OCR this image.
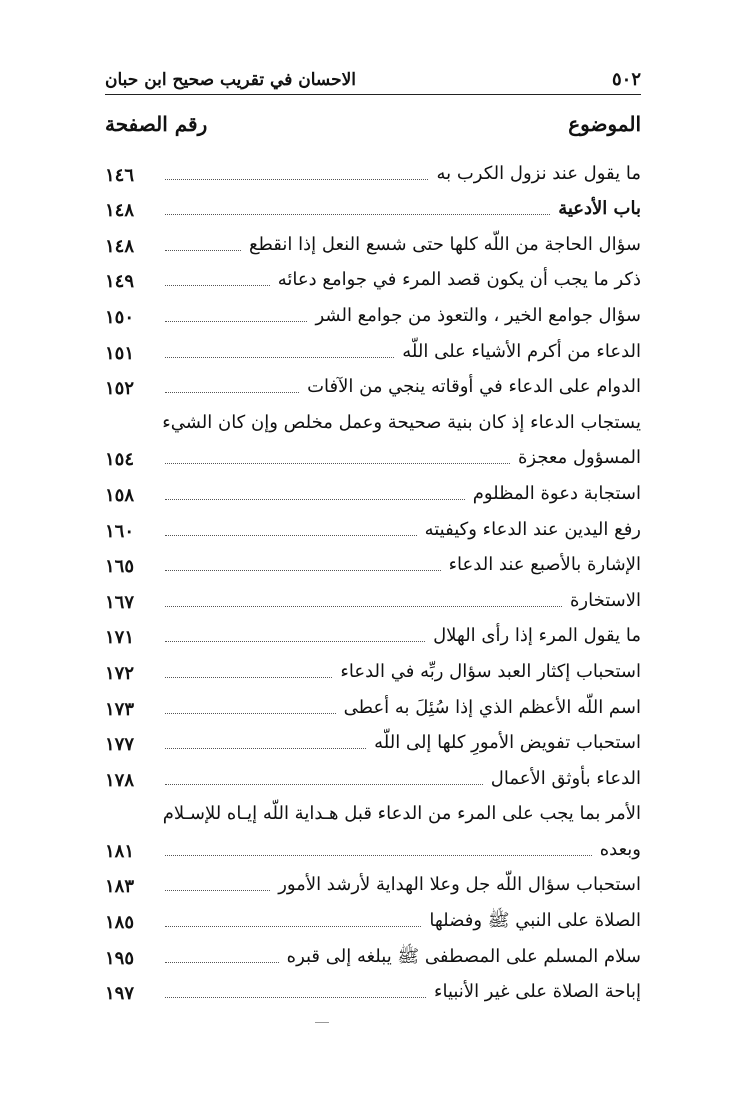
الاحسان في تقريب صحيح ابن حبان	٥٠٢
رقم الصفحة	الموضوع
ما يقول عند نزول الكرب به
١٤٦
باب الأدعية
١٤٨
سؤال الحاجة من اللّه كلها حتى شسع النعل إذا انقطع
١٤٨
ذكر ما يجب أن يكون قصد المرء في جوامع دعائه
١٤٩
سؤال جوامع الخير ، والتعوذ من جوامع الشر
١٥٠
الدعاء من أكرم الأشياء على اللّه
١٥١
الدوام على الدعاء في أوقاته ينجي من الآفات
١٥٢
يستجاب الدعاء إذ كان بنية صحيحة وعمل مخلص وإن كان الشيء
المسؤول معجزة
١٥٤
استجابة دعوة المظلوم
١٥٨
رفع اليدين عند الدعاء وكيفيته
١٦٠
الإشارة بالأصبع عند الدعاء
١٦٥
الاستخارة
١٦٧
ما يقول المرء إذا رأى الهلال
١٧١
استحباب إكثار العبد سؤال ربِّه في الدعاء
١٧٢
اسم اللّه الأعظم الذي إذا سُئِلَ به أعطى
١٧٣
استحباب تفويض الأمورِ كلها إلى اللّه
١٧٧
الدعاء بأوثق الأعمال
١٧٨
الأمر بما يجب على المرء من الدعاء قبل هـداية اللّه إيـاه للإسـلام
وبعده
١٨١
استحباب سؤال اللّه جل وعلا الهداية لأرشد الأمور
١٨٣
الصلاة على النبي ﷺ وفضلها
١٨٥
سلام المسلم على المصطفى ﷺ يبلغه إلى قبره
١٩٥
إباحة الصلاة على غير الأنبياء
١٩٧
